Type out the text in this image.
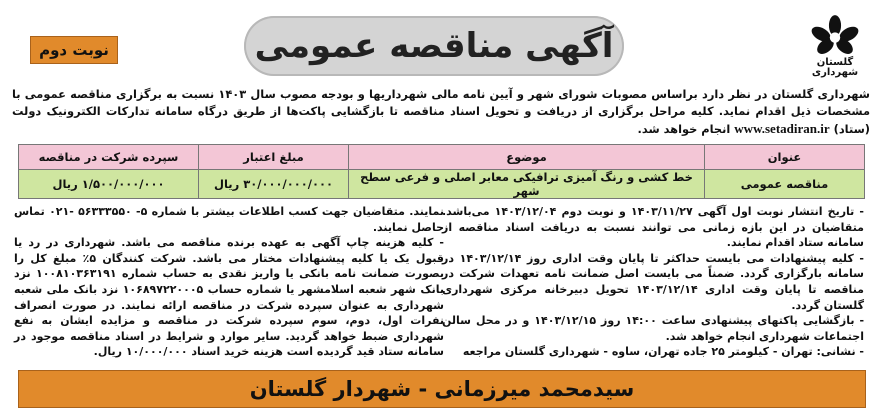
گلستان شهرداری
آگهی مناقصه عمومی
نوبت دوم
شهرداری گلستان در نظر دارد براساس مصوبات شورای شهر و آیین نامه مالی شهرداریها و بودجه مصوب سال ۱۴۰۳ نسبت به برگزاری مناقصه عمومی با مشخصات ذیل اقدام نماید. کلیه مراحل برگزاری از دریافت و تحویل اسناد مناقصه تا بازگشایی پاکت‌ها از طریق درگاه سامانه تدارکات الکترونیک دولت (ستاد) www.setadiran.ir انجام خواهد شد.
عنوان	موضوع	مبلغ اعتبار	سپرده شرکت در مناقصه
مناقصه عمومی	خط کشی و رنگ آمیزی ترافیکی معابر اصلی و فرعی سطح شهر	۳۰/۰۰۰/۰۰۰/۰۰۰ ریال	۱/۵۰۰/۰۰۰/۰۰۰ ریال

- تاریخ انتشار نوبت اول آگهی ۱۴۰۳/۱۱/۲۷ و نوبت دوم ۱۴۰۳/۱۲/۰۴ می‌باشد. متقاضیان در این بازه زمانی می توانند نسبت به دریافت اسناد مناقصه از سامانه ستاد اقدام نمایند.

- کلیه پیشنهادات می بایست حداکثر تا پایان وقت اداری روز ۱۴۰۳/۱۲/۱۴ در سامانه بارگزاری گردد. ضمناً می بایست اصل ضمانت نامه تعهدات شرکت در مناقصه تا پایان وقت اداری ۱۴۰۳/۱۲/۱۴ تحویل دبیرخانه مرکزی شهرداری گلستان گردد.

- بازگشایی پاکتهای پیشنهادی ساعت ۱۴:۰۰ روز ۱۴۰۳/۱۲/۱۵ و در محل سالن اجتماعات شهرداری انجام خواهد شد.

- نشانی: تهران - کیلومتر ۲۵ جاده تهران، ساوه - شهرداری گلستان مراجعه

نمایند. متقاضیان جهت کسب اطلاعات بیشتر با شماره ۵- ۵۶۳۳۳۵۵۰ -۰۲۱ تماس حاصل نمایند.

- کلیه هزینه چاپ آگهی به عهده برنده مناقصه می باشد. شهرداری در رد یا قبول یک یا کلیه پیشنهادات مختار می باشد. شرکت کنندگان ۵٪ مبلغ کل را بصورت ضمانت نامه بانکی یا واریز نقدی به حساب شماره ۱۰۰۸۱۰۳۶۳۱۹۱ نزد بانک شهر شعبه اسلامشهر یا شماره حساب ۱۰۶۸۹۷۲۲۰۰۰۵ نزد بانک ملی شعبه شهرداری به عنوان سپرده شرکت در مناقصه ارائه نمایند. در صورت انصراف نفرات اول، دوم، سوم سپرده شرکت در مناقصه و مزایده ایشان به نفع شهرداری ضبط خواهد گردید. سایر موارد و شرایط در اسناد مناقصه موجود در سامانه ستاد قید گردیده است هزینه خرید اسناد ۱۰/۰۰۰/۰۰۰ ریال.

سیدمحمد میرزمانی - شهردار گلستان
